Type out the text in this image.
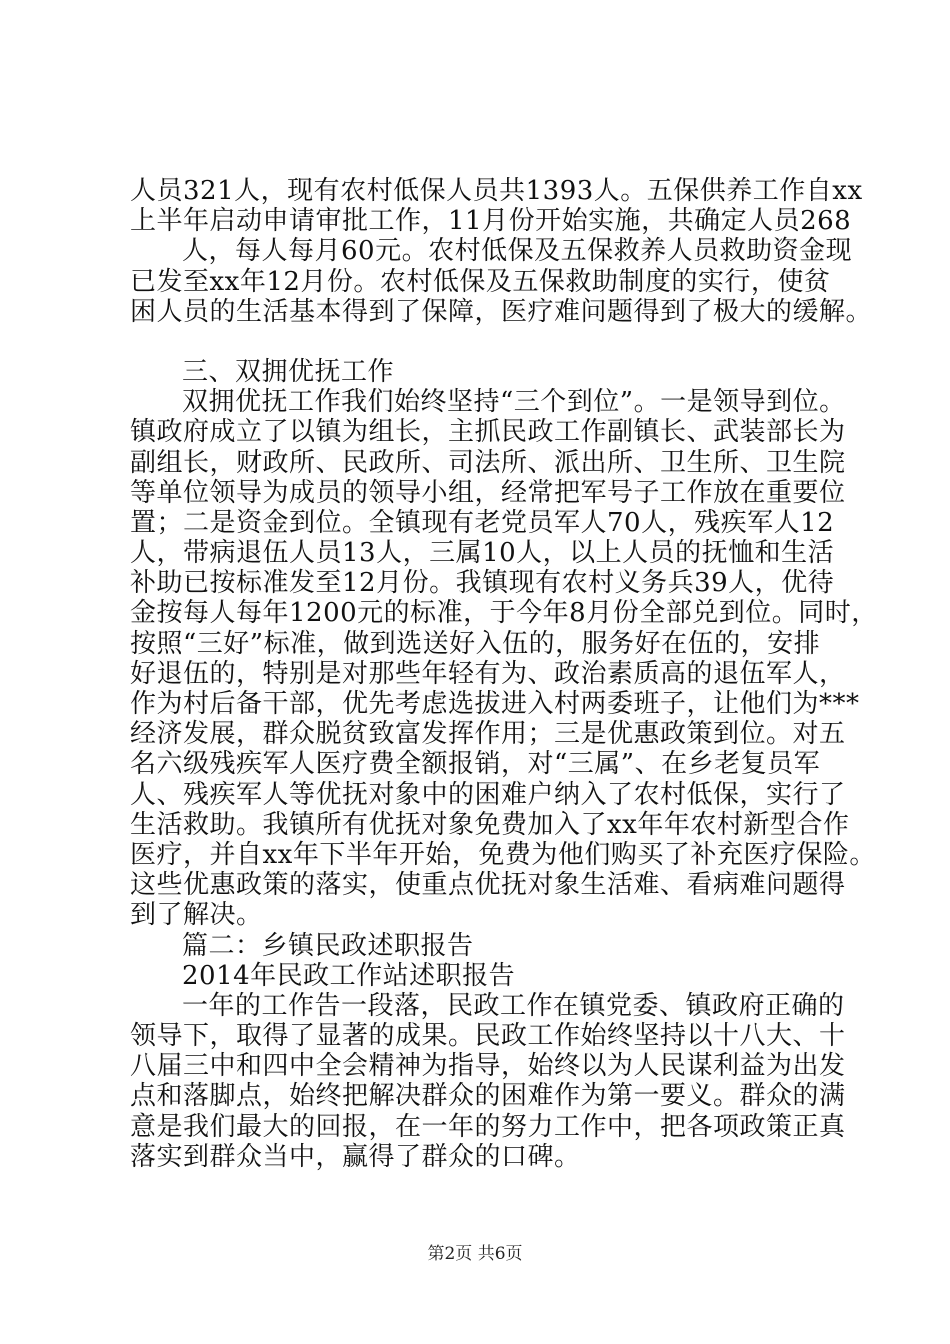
人员321人，现有农村低保人员共1393人。五保供养工作自xx
上半年启动申请审批工作，11月份开始实施，共确定人员268
人，每人每月60元。农村低保及五保救养人员救助资金现
已发至xx年12月份。农村低保及五保救助制度的实行，使贫
困人员的生活基本得到了保障，医疗难问题得到了极大的缓解。
三、双拥优抚工作
双拥优抚工作我们始终坚持“三个到位”。一是领导到位。
镇政府成立了以镇为组长，主抓民政工作副镇长、武装部长为
副组长，财政所、民政所、司法所、派出所、卫生所、卫生院
等单位领导为成员的领导小组，经常把军号子工作放在重要位
置；二是资金到位。全镇现有老党员军人70人，残疾军人12
人，带病退伍人员13人，三属10人，以上人员的抚恤和生活
补助已按标准发至12月份。我镇现有农村义务兵39人，优待
金按每人每年1200元的标准，于今年8月份全部兑到位。同时，
按照“三好”标准，做到选送好入伍的，服务好在伍的，安排
好退伍的，特别是对那些年轻有为、政治素质高的退伍军人，
作为村后备干部，优先考虑选拔进入村两委班子，让他们为***
经济发展，群众脱贫致富发挥作用；三是优惠政策到位。对五
名六级残疾军人医疗费全额报销，对“三属”、在乡老复员军
人、残疾军人等优抚对象中的困难户纳入了农村低保，实行了
生活救助。我镇所有优抚对象免费加入了xx年年农村新型合作
医疗，并自xx年下半年开始，免费为他们购买了补充医疗保险。
这些优惠政策的落实，使重点优抚对象生活难、看病难问题得
到了解决。
篇二：乡镇民政述职报告
2014年民政工作站述职报告
一年的工作告一段落，民政工作在镇党委、镇政府正确的
领导下，取得了显著的成果。民政工作始终坚持以十八大、十
八届三中和四中全会精神为指导，始终以为人民谋利益为出发
点和落脚点，始终把解决群众的困难作为第一要义。群众的满
意是我们最大的回报，在一年的努力工作中，把各项政策正真
落实到群众当中，赢得了群众的口碑。
第2页 共6页
